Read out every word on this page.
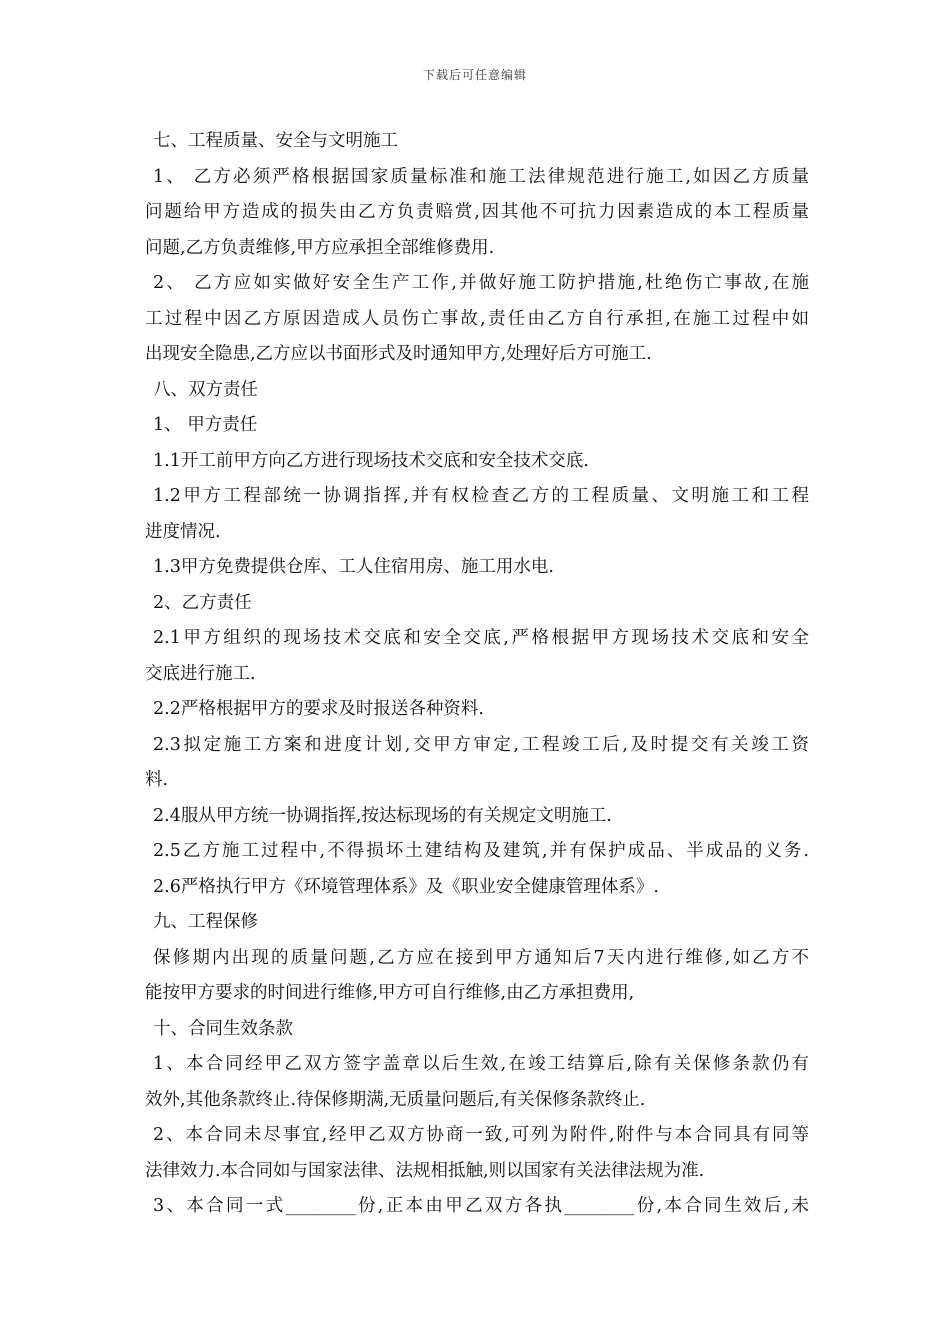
下载后可任意编辑
七、工程质量、安全与文明施工
1、 乙方必须严格根据国家质量标准和施工法律规范进行施工,如因乙方质量
问题给甲方造成的损失由乙方负责赔赏,因其他不可抗力因素造成的本工程质量
问题,乙方负责维修,甲方应承担全部维修费用.
2、 乙方应如实做好安全生产工作,并做好施工防护措施,杜绝伤亡事故,在施
工过程中因乙方原因造成人员伤亡事故,责任由乙方自行承担,在施工过程中如
出现安全隐患,乙方应以书面形式及时通知甲方,处理好后方可施工.
八、双方责任
1、 甲方责任
1.1开工前甲方向乙方进行现场技术交底和安全技术交底.
1.2甲方工程部统一协调指挥,并有权检查乙方的工程质量、文明施工和工程
进度情况.
1.3甲方免费提供仓库、工人住宿用房、施工用水电.
2、乙方责任
2.1甲方组织的现场技术交底和安全交底,严格根据甲方现场技术交底和安全
交底进行施工.
2.2严格根据甲方的要求及时报送各种资料.
2.3拟定施工方案和进度计划,交甲方审定,工程竣工后,及时提交有关竣工资
料.
2.4服从甲方统一协调指挥,按达标现场的有关规定文明施工.
2.5乙方施工过程中,不得损坏土建结构及建筑,并有保护成品、半成品的义务.
2.6严格执行甲方《环境管理体系》及《职业安全健康管理体系》.
九、工程保修
保修期内出现的质量问题,乙方应在接到甲方通知后7天内进行维修,如乙方不
能按甲方要求的时间进行维修,甲方可自行维修,由乙方承担费用,
十、合同生效条款
1、本合同经甲乙双方签字盖章以后生效,在竣工结算后,除有关保修条款仍有
效外,其他条款终止.待保修期满,无质量问题后,有关保修条款终止.
2、本合同未尽事宜,经甲乙双方协商一致,可列为附件,附件与本合同具有同等
法律效力.本合同如与国家法律、法规相抵触,则以国家有关法律法规为准.
3、本合同一式________份,正本由甲乙双方各执________份,本合同生效后,未
